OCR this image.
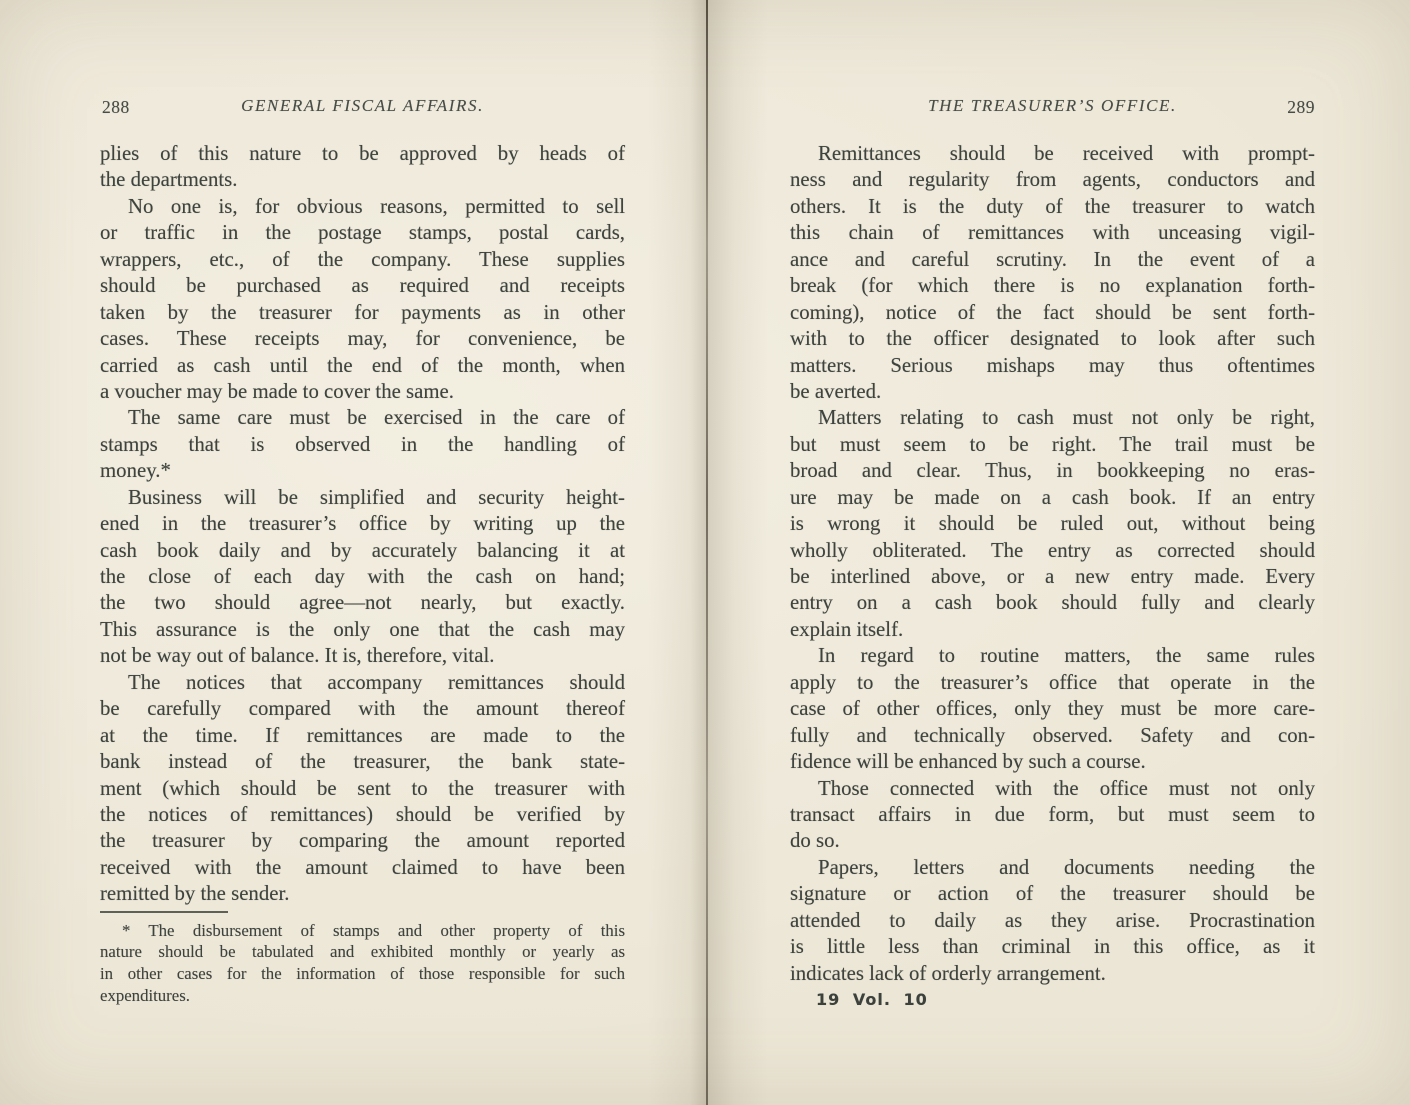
288	GENERAL FISCAL AFFAIRS.
plies of this nature to be approved by heads of
the departments.
No one is, for obvious reasons, permitted to sell
or traffic in the postage stamps, postal cards,
wrappers, etc., of the company. These supplies
should be purchased as required and receipts
taken by the treasurer for payments as in other
cases. These receipts may, for convenience, be
carried as cash until the end of the month, when
a voucher may be made to cover the same.
The same care must be exercised in the care of
stamps that is observed in the handling of
money.*
Business will be simplified and security height-
ened in the treasurer’s office by writing up the
cash book daily and by accurately balancing it at
the close of each day with the cash on hand;
the two should agree—not nearly, but exactly.
This assurance is the only one that the cash may
not be way out of balance. It is, therefore, vital.
The notices that accompany remittances should
be carefully compared with the amount thereof
at the time. If remittances are made to the
bank instead of the treasurer, the bank state-
ment (which should be sent to the treasurer with
the notices of remittances) should be verified by
the treasurer by comparing the amount reported
received with the amount claimed to have been
remitted by the sender.
* The disbursement of stamps and other property of this
nature should be tabulated and exhibited monthly or yearly as
in other cases for the information of those responsible for such
expenditures.
THE TREASURER’S OFFICE.	289
Remittances should be received with prompt-
ness and regularity from agents, conductors and
others. It is the duty of the treasurer to watch
this chain of remittances with unceasing vigil-
ance and careful scrutiny. In the event of a
break (for which there is no explanation forth-
coming), notice of the fact should be sent forth-
with to the officer designated to look after such
matters. Serious mishaps may thus oftentimes
be averted.
Matters relating to cash must not only be right,
but must seem to be right. The trail must be
broad and clear. Thus, in bookkeeping no eras-
ure may be made on a cash book. If an entry
is wrong it should be ruled out, without being
wholly obliterated. The entry as corrected should
be interlined above, or a new entry made. Every
entry on a cash book should fully and clearly
explain itself.
In regard to routine matters, the same rules
apply to the treasurer’s office that operate in the
case of other offices, only they must be more care-
fully and technically observed. Safety and con-
fidence will be enhanced by such a course.
Those connected with the office must not only
transact affairs in due form, but must seem to
do so.
Papers, letters and documents needing the
signature or action of the treasurer should be
attended to daily as they arise. Procrastination
is little less than criminal in this office, as it
indicates lack of orderly arrangement.
19 Vol. 10
